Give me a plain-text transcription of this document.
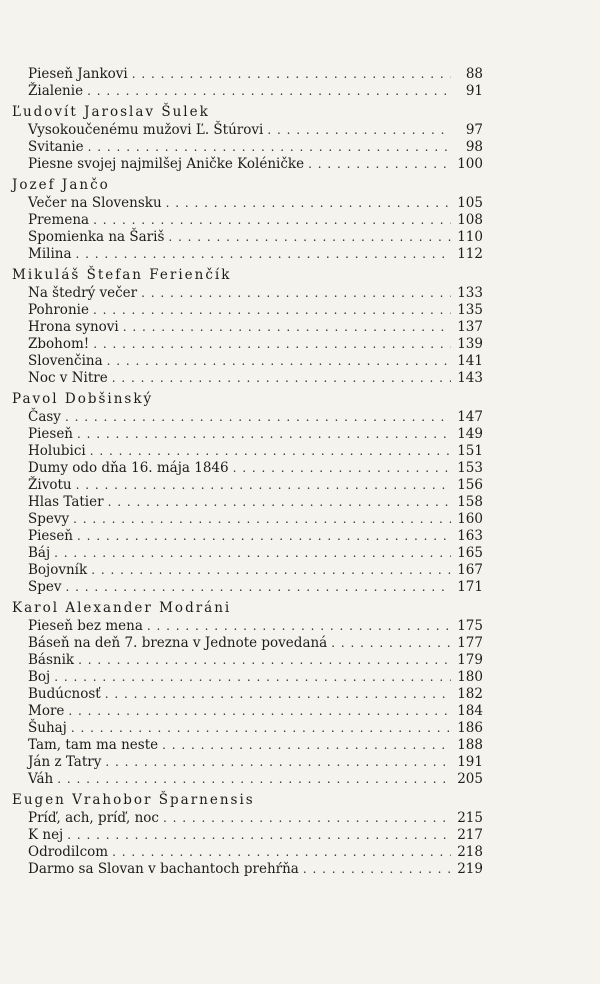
Pieseň Jankovi . . .	88
Žialenie . . .	91
Ľudovít Jaroslav Šulek
Vysokoučenému mužovi Ľ. Štúrovi . . .	97
Svitanie . . .	98
Piesne svojej najmilšej Aničke Koléničke . . .	100
Jozef Jančo
Večer na Slovensku . . .	105
Premena . . .	108
Spomienka na Šariš . . .	110
Milina . . .	112
Mikuláš Štefan Ferienčík
Na štedrý večer . . .	133
Pohronie . . .	135
Hrona synovi . . .	137
Zbohom! . . .	139
Slovenčina . . .	141
Noc v Nitre . . .	143
Pavol Dobšinský
Časy . . .	147
Pieseň . . .	149
Holubici . . .	151
Dumy odo dňa 16. mája 1846 . . .	153
Životu . . .	156
Hlas Tatier . . .	158
Spevy . . .	160
Pieseň . . .	163
Báj . . .	165
Bojovník . . .	167
Spev . . .	171
Karol Alexander Modráni
Pieseň bez mena . . .	175
Báseň na deň 7. brezna v Jednote povedaná . . .	177
Básnik . . .	179
Boj . . .	180
Budúcnosť . . .	182
More . . .	184
Šuhaj . . .	186
Tam, tam ma neste . . .	188
Ján z Tatry . . .	191
Váh . . .	205
Eugen Vrahobor Šparnensis
Príď, ach, príď, noc . . .	215
K nej . . .	217
Odrodilcom . . .	218
Darmo sa Slovan v bachantoch prehŕňa . . .	219
